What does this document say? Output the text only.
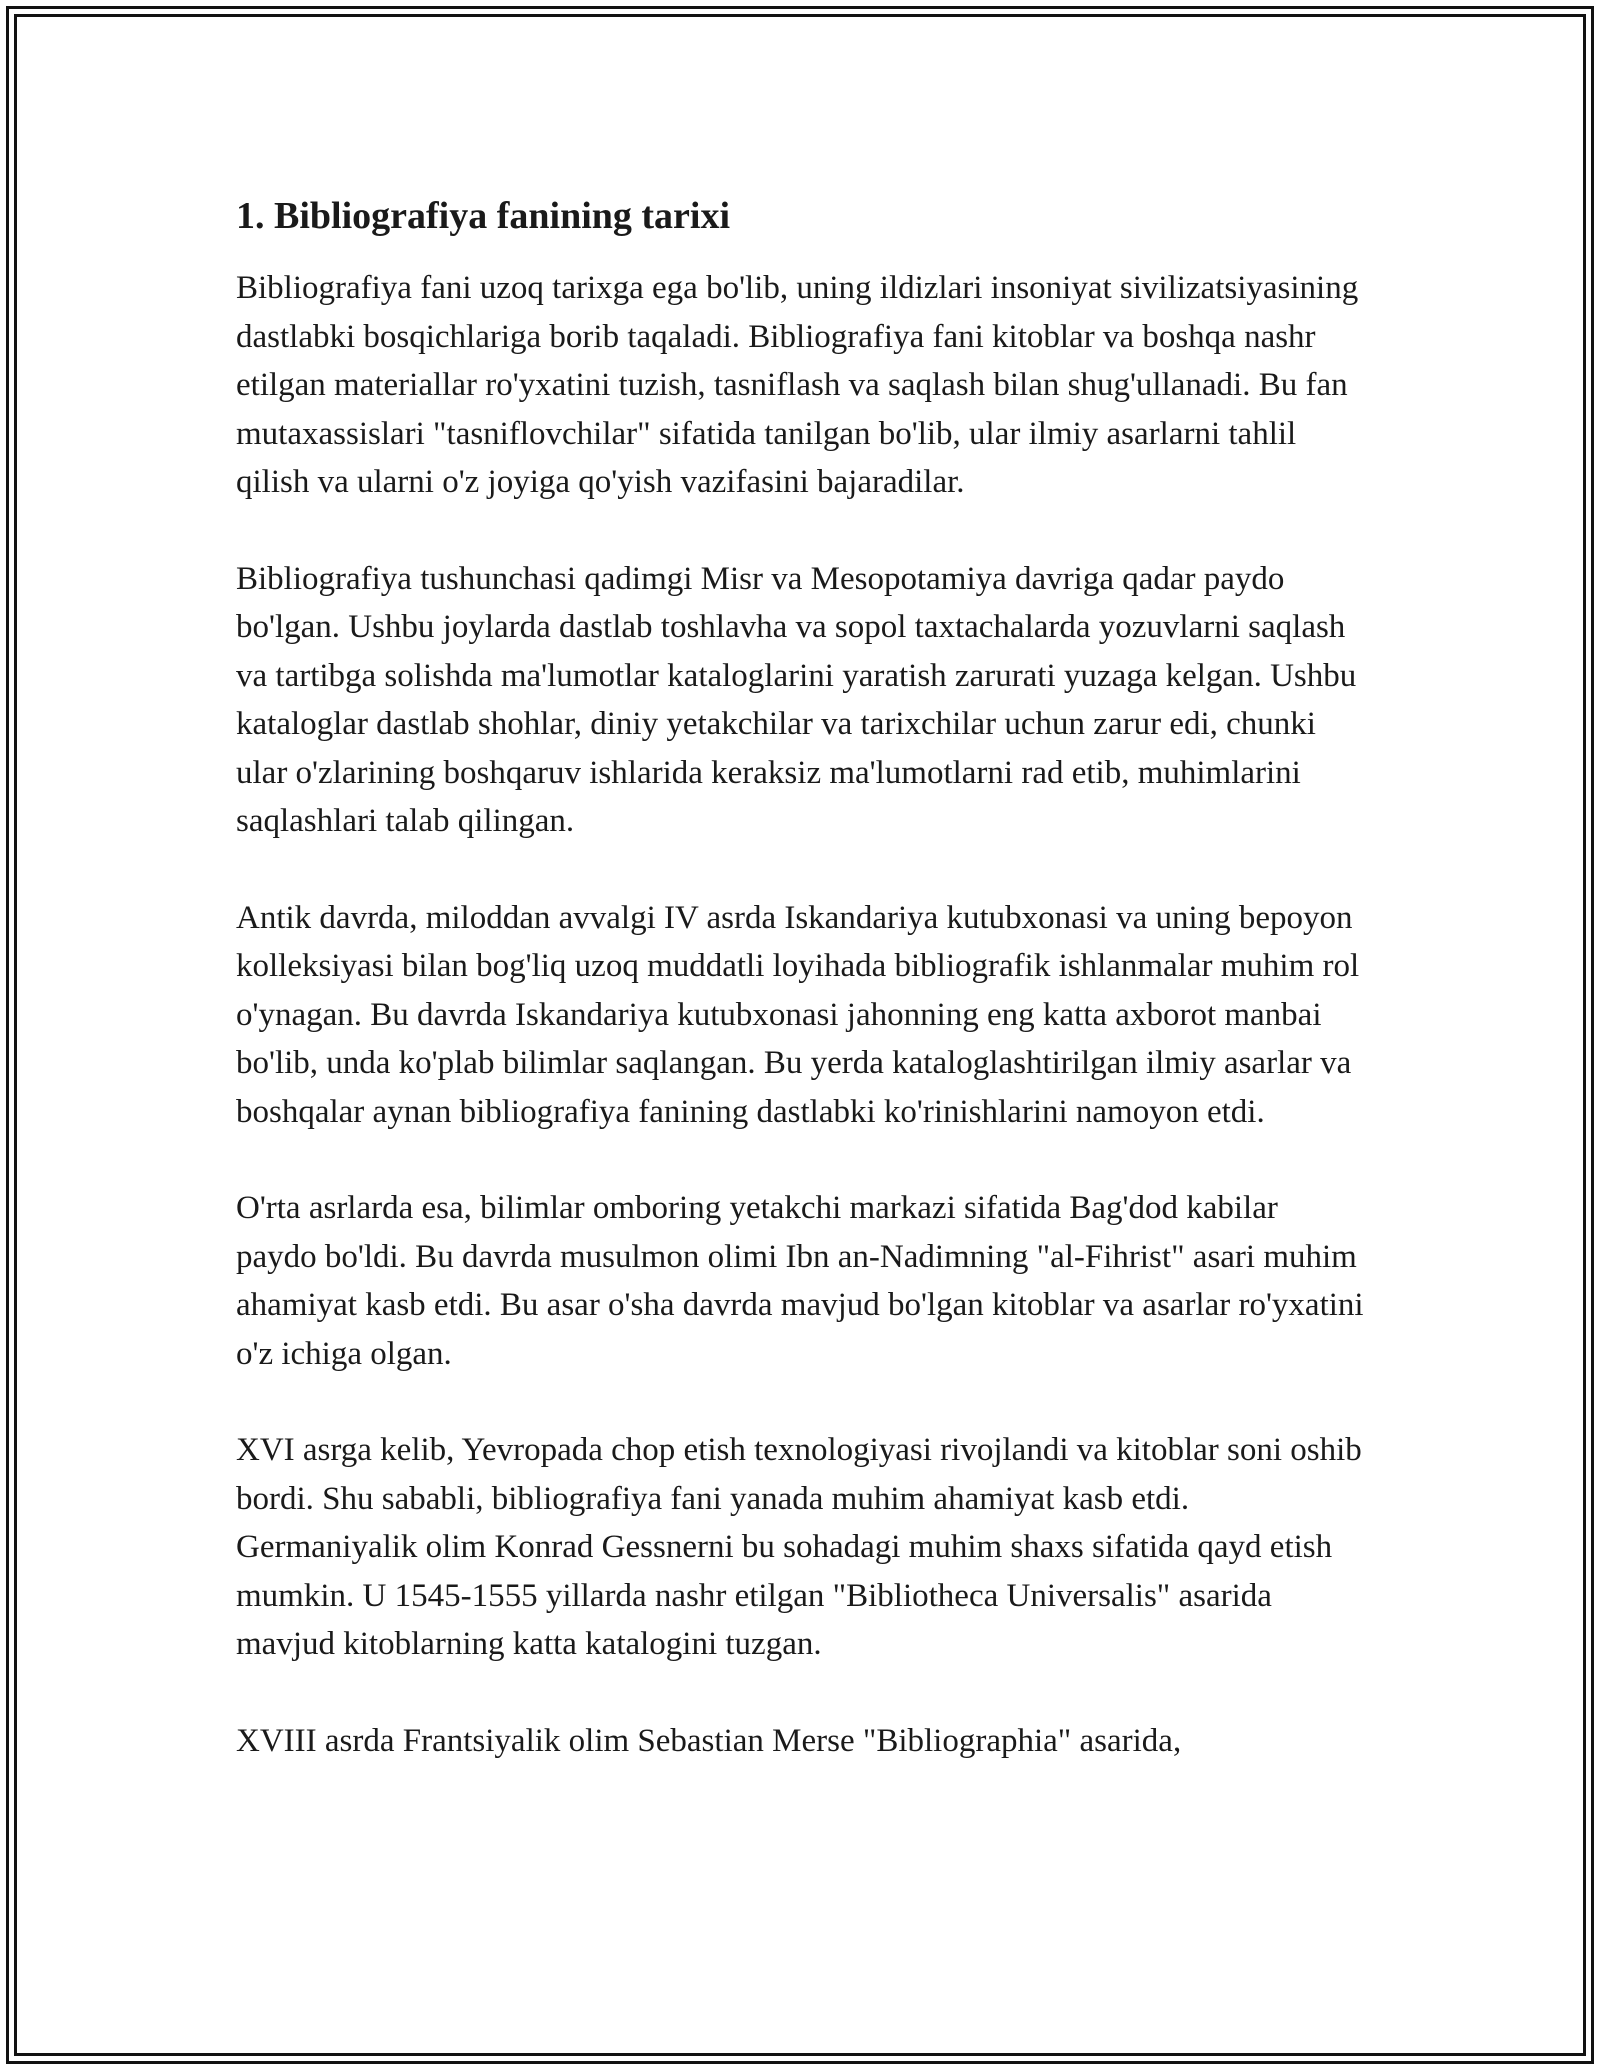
1. Bibliografiya fanining tarixi

Bibliografiya fani uzoq tarixga ega bo'lib, uning ildizlari insoniyat sivilizatsiyasining dastlabki bosqichlariga borib taqaladi. Bibliografiya fani kitoblar va boshqa nashr etilgan materiallar ro'yxatini tuzish, tasniflash va saqlash bilan shug'ullanadi. Bu fan mutaxassislari "tasniflovchilar" sifatida tanilgan bo'lib, ular ilmiy asarlarni tahlil qilish va ularni o'z joyiga qo'yish vazifasini bajaradilar.

Bibliografiya tushunchasi qadimgi Misr va Mesopotamiya davriga qadar paydo bo'lgan. Ushbu joylarda dastlab toshlavha va sopol taxtachalarda yozuvlarni saqlash va tartibga solishda ma'lumotlar kataloglarini yaratish zarurati yuzaga kelgan. Ushbu kataloglar dastlab shohlar, diniy yetakchilar va tarixchilar uchun zarur edi, chunki ular o'zlarining boshqaruv ishlarida keraksiz ma'lumotlarni rad etib, muhimlarini saqlashlari talab qilingan.

Antik davrda, miloddan avvalgi IV asrda Iskandariya kutubxonasi va uning bepoyon kolleksiyasi bilan bog'liq uzoq muddatli loyihada bibliografik ishlanmalar muhim rol o'ynagan. Bu davrda Iskandariya kutubxonasi jahonning eng katta axborot manbai bo'lib, unda ko'plab bilimlar saqlangan. Bu yerda kataloglashtirilgan ilmiy asarlar va boshqalar aynan bibliografiya fanining dastlabki ko'rinishlarini namoyon etdi.

O'rta asrlarda esa, bilimlar omboring yetakchi markazi sifatida Bag'dod kabilar paydo bo'ldi. Bu davrda musulmon olimi Ibn an-Nadimning "al-Fihrist" asari muhim ahamiyat kasb etdi. Bu asar o'sha davrda mavjud bo'lgan kitoblar va asarlar ro'yxatini o'z ichiga olgan.

XVI asrga kelib, Yevropada chop etish texnologiyasi rivojlandi va kitoblar soni oshib bordi. Shu sababli, bibliografiya fani yanada muhim ahamiyat kasb etdi. Germaniyalik olim Konrad Gessnerni bu sohadagi muhim shaxs sifatida qayd etish mumkin. U 1545-1555 yillarda nashr etilgan "Bibliotheca Universalis" asarida mavjud kitoblarning katta katalogini tuzgan.

XVIII asrda Frantsiyalik olim Sebastian Merse "Bibliographia" asarida,
